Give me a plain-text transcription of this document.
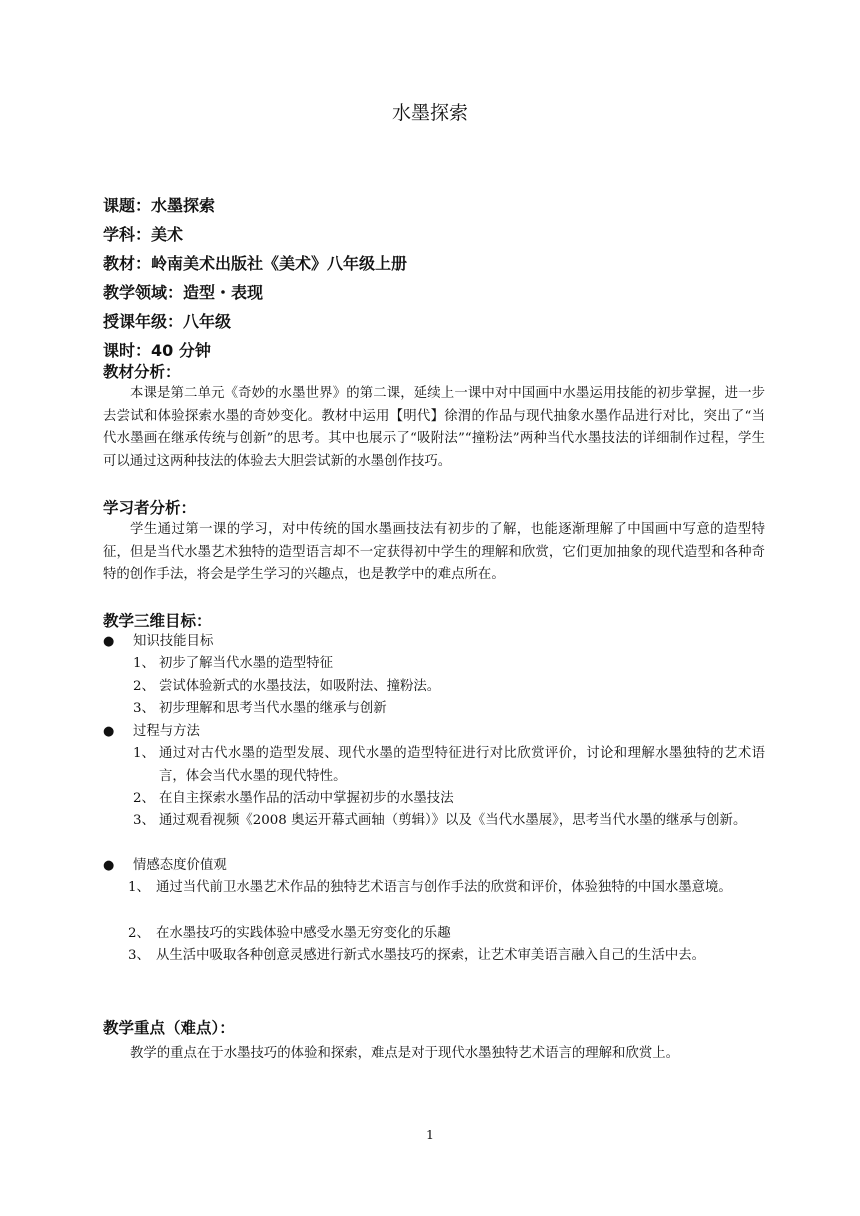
水墨探索
课题：水墨探索
学科：美术
教材：岭南美术出版社《美术》八年级上册
教学领域：造型・表现
授课年级：八年级
课时：40 分钟
教材分析：
本课是第二单元《奇妙的水墨世界》的第二课，延续上一课中对中国画中水墨运用技能的初步掌握，进一步去尝试和体验探索水墨的奇妙变化。教材中运用【明代】徐渭的作品与现代抽象水墨作品进行对比，突出了“当代水墨画在继承传统与创新”的思考。其中也展示了“吸附法”“撞粉法”两种当代水墨技法的详细制作过程，学生可以通过这两种技法的体验去大胆尝试新的水墨创作技巧。
学习者分析：
学生通过第一课的学习，对中传统的国水墨画技法有初步的了解，也能逐渐理解了中国画中写意的造型特征，但是当代水墨艺术独特的造型语言却不一定获得初中学生的理解和欣赏，它们更加抽象的现代造型和各种奇特的创作手法，将会是学生学习的兴趣点，也是教学中的难点所在。
教学三维目标：
● 知识技能目标
1、 初步了解当代水墨的造型特征
2、 尝试体验新式的水墨技法，如吸附法、撞粉法。
3、 初步理解和思考当代水墨的继承与创新
● 过程与方法
1、 通过对古代水墨的造型发展、现代水墨的造型特征进行对比欣赏评价，讨论和理解水墨独特的艺术语言，体会当代水墨的现代特性。
2、 在自主探索水墨作品的活动中掌握初步的水墨技法
3、 通过观看视频《2008 奥运开幕式画轴（剪辑）》以及《当代水墨展》，思考当代水墨的继承与创新。
● 情感态度价值观
1、 通过当代前卫水墨艺术作品的独特艺术语言与创作手法的欣赏和评价，体验独特的中国水墨意境。
2、 在水墨技巧的实践体验中感受水墨无穷变化的乐趣
3、 从生活中吸取各种创意灵感进行新式水墨技巧的探索，让艺术审美语言融入自己的生活中去。
教学重点（难点）：
教学的重点在于水墨技巧的体验和探索，难点是对于现代水墨独特艺术语言的理解和欣赏上。
1
